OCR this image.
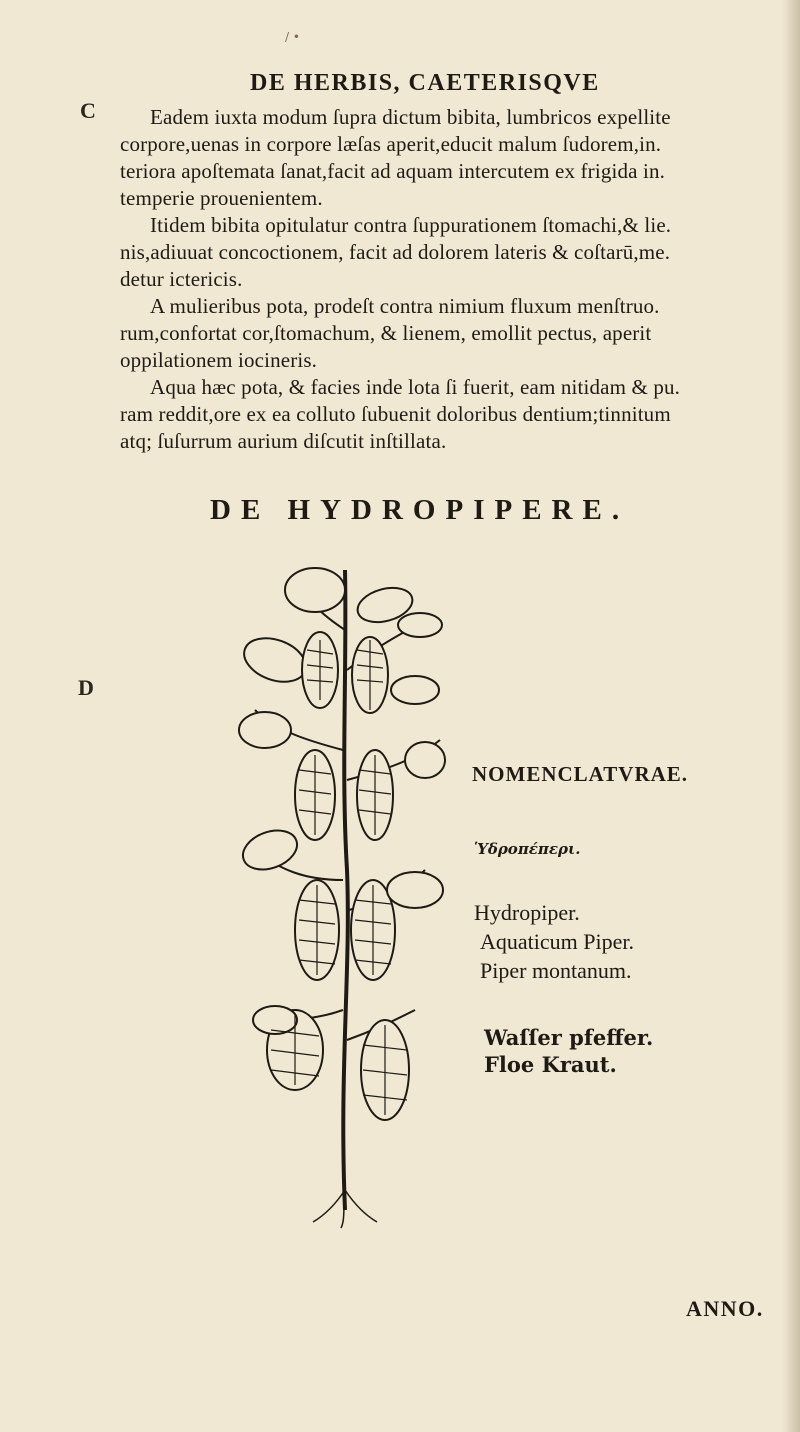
/ •
DE HERBIS, CAETERISQVE
C
D
Eadem iuxta modum ſupra dictum bibita, lumbricos expellite
corpore,uenas in corpore læſas aperit,educit malum ſudorem,in.
teriora apoſtemata ſanat,facit ad aquam intercutem ex frigida in.
temperie prouenientem.
Itidem bibita opitulatur contra ſuppurationem ſtomachi,& lie.
nis,adiuuat concoctionem, facit ad dolorem lateris & coſtarū,me.
detur ictericis.
A mulieribus pota, prodeſt contra nimium fluxum menſtruo.
rum,confortat cor,ſtomachum, & lienem, emollit pectus, aperit
oppilationem iocineris.
Aqua hæc pota, & facies inde lota ſi fuerit, eam nitidam & pu.
ram reddit,ore ex ea colluto ſubuenit doloribus dentium;tinnitum
atq; ſuſurrum aurium diſcutit inſtillata.
DE HYDROPIPERE.
NOMENCLATVRAE.
Ὑδροπέπερι.
Hydropiper.
Aquaticum Piper.
Piper montanum.
Waſſer pfeffer.
Floe Kraut.
ANNO.
